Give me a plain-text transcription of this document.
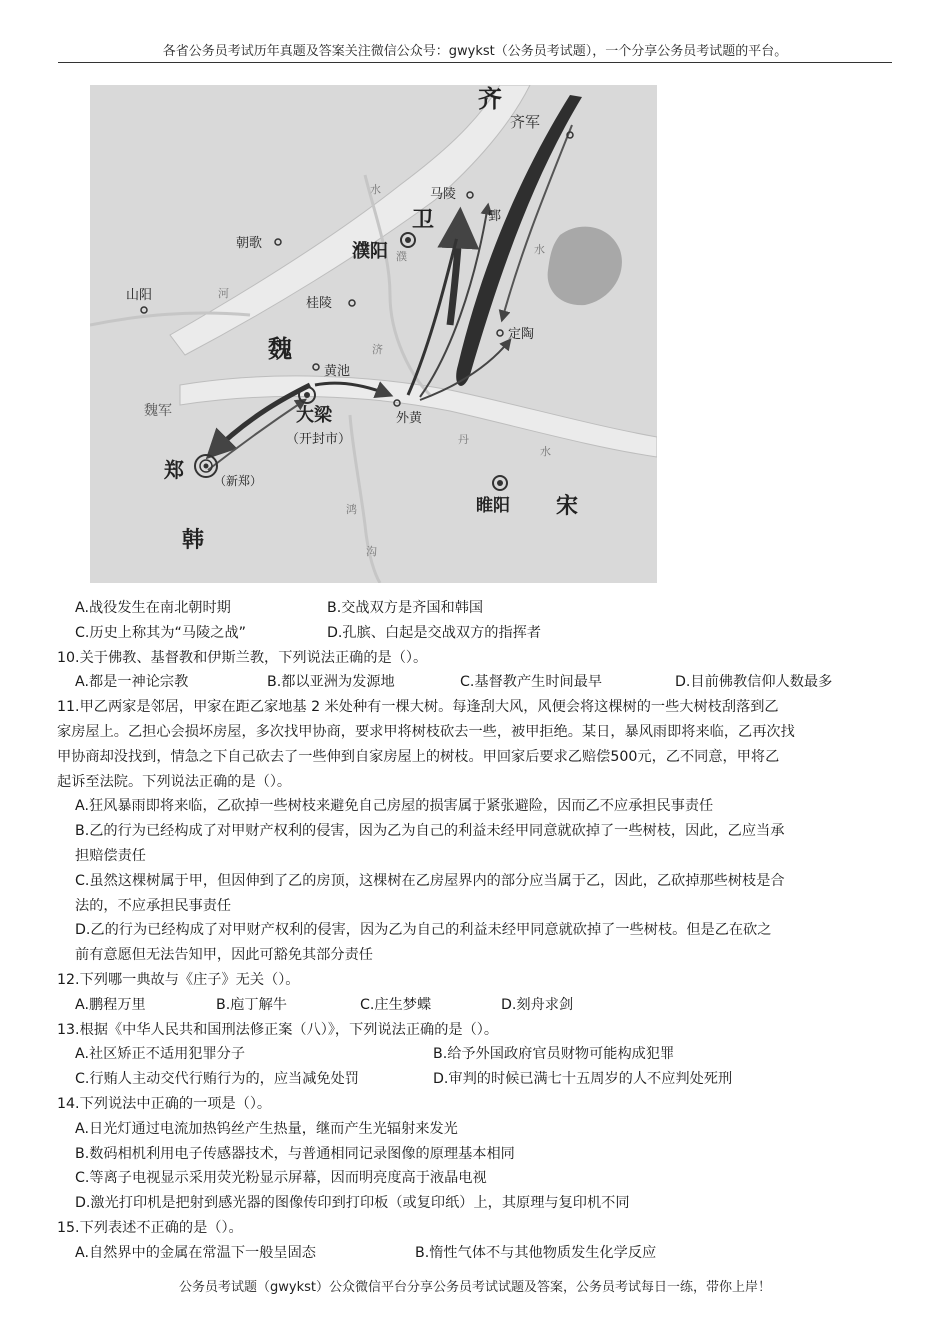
各省公务员考试历年真题及答案关注微信公众号：gwykst（公务员考试题），一个分享公务员考试题的平台。
齐
卫
魏
韩
宋
齐军
魏军
马陵
鄄
濮阳
朝歌
山阳
桂陵
定陶
黄池
大梁
（开封市）
外黄
郑	（新郑）
睢阳
水
濮
济
河
丹
水
鸿
沟
水
A.战役发生在南北朝时期	B.交战双方是齐国和韩国
C.历史上称其为“马陵之战”	D.孔膑、白起是交战双方的指挥者
10.关于佛教、基督教和伊斯兰教，下列说法正确的是（）。
A.都是一神论宗教	B.都以亚洲为发源地	C.基督教产生时间最早	D.目前佛教信仰人数最多
11.甲乙两家是邻居，甲家在距乙家地基 2 米处种有一棵大树。每逢刮大风，风便会将这棵树的一些大树枝刮落到乙
家房屋上。乙担心会损坏房屋，多次找甲协商，要求甲将树枝砍去一些，被甲拒绝。某日，暴风雨即将来临，乙再次找
甲协商却没找到，情急之下自己砍去了一些伸到自家房屋上的树枝。甲回家后要求乙赔偿500元，乙不同意，甲将乙
起诉至法院。下列说法正确的是（）。
A.狂风暴雨即将来临，乙砍掉一些树枝来避免自己房屋的损害属于紧张避险，因而乙不应承担民事责任
B.乙的行为已经构成了对甲财产权利的侵害，因为乙为自己的利益未经甲同意就砍掉了一些树枝，因此，乙应当承
担赔偿责任
C.虽然这棵树属于甲，但因伸到了乙的房顶，这棵树在乙房屋界内的部分应当属于乙，因此，乙砍掉那些树枝是合
法的，不应承担民事责任
D.乙的行为已经构成了对甲财产权利的侵害，因为乙为自己的利益未经甲同意就砍掉了一些树枝。但是乙在砍之
前有意愿但无法告知甲，因此可豁免其部分责任
12.下列哪一典故与《庄子》无关（）。
A.鹏程万里	B.庖丁解牛	C.庄生梦蝶	D.刻舟求剑
13.根据《中华人民共和国刑法修正案（八）》，下列说法正确的是（）。
A.社区矫正不适用犯罪分子	B.给予外国政府官员财物可能构成犯罪
C.行贿人主动交代行贿行为的，应当减免处罚	D.审判的时候已满七十五周岁的人不应判处死刑
14.下列说法中正确的一项是（）。
A.日光灯通过电流加热钨丝产生热量，继而产生光辐射来发光
B.数码相机利用电子传感器技术，与普通相同记录图像的原理基本相同
C.等离子电视显示采用荧光粉显示屏幕，因而明亮度高于液晶电视
D.激光打印机是把射到感光器的图像传印到打印板（或复印纸）上，其原理与复印机不同
15.下列表述不正确的是（）。
A.自然界中的金属在常温下一般呈固态	B.惰性气体不与其他物质发生化学反应
公务员考试题（gwykst）公众微信平台分享公务员考试试题及答案，公务员考试每日一练，带你上岸！
